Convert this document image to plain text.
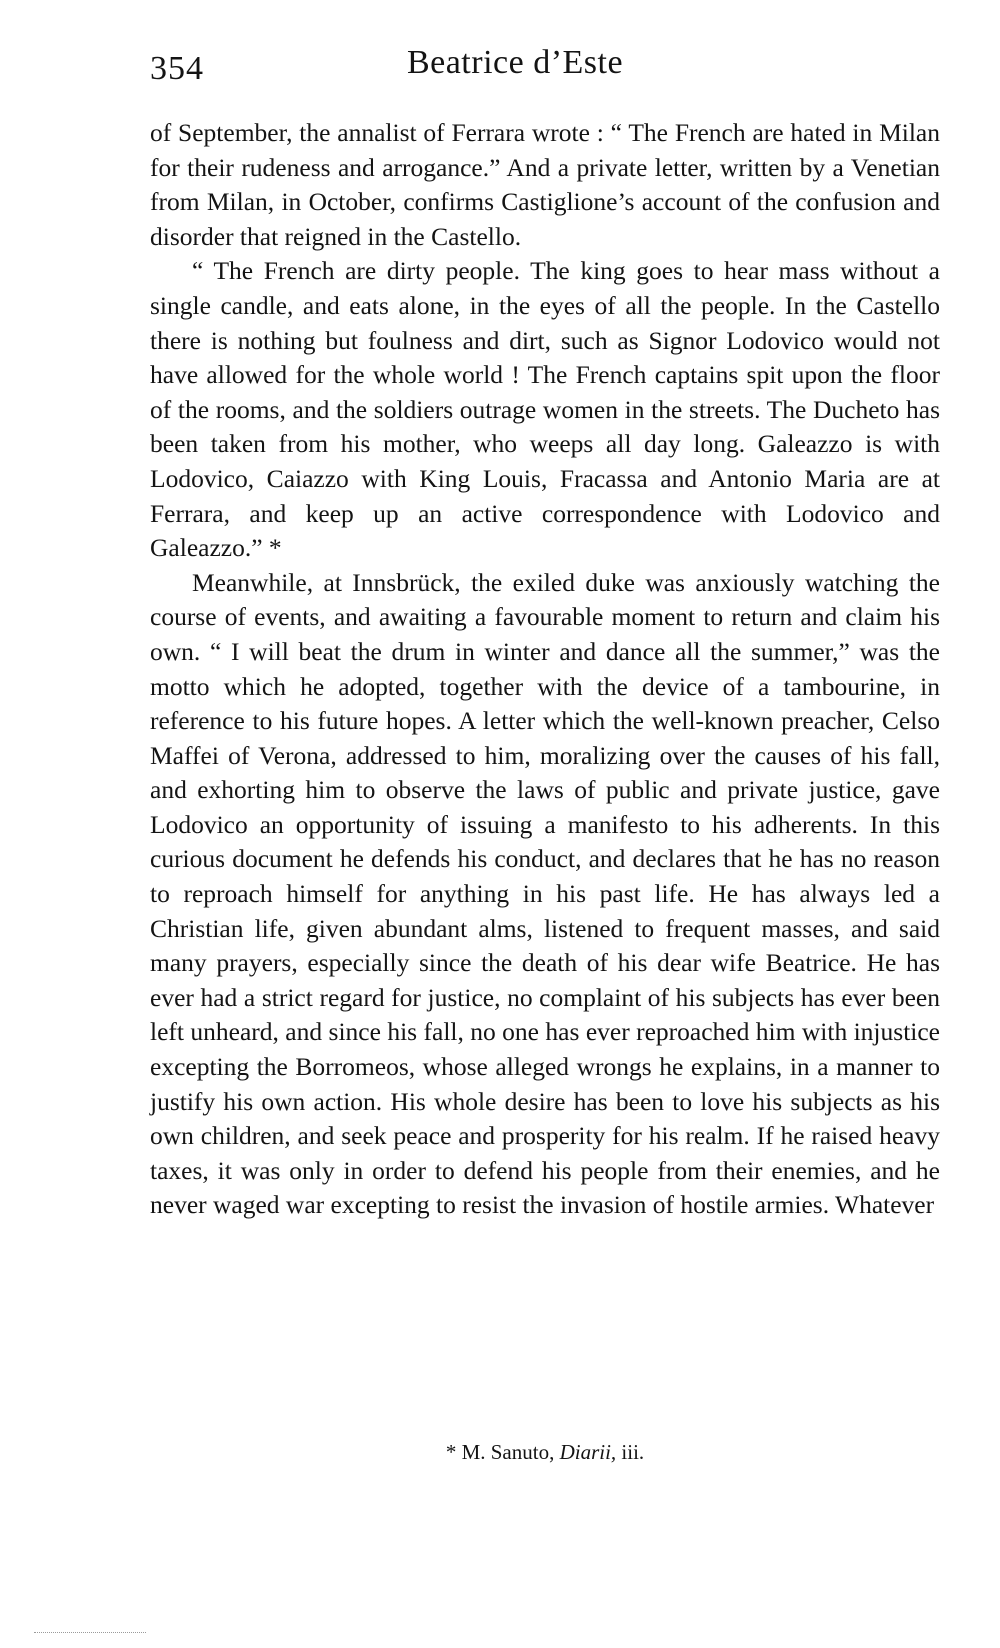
354	Beatrice d’Este

of September, the annalist of Ferrara wrote : “ The French are hated in Milan for their rudeness and arrogance.” And a private letter, written by a Venetian from Milan, in October, confirms Castiglione’s account of the confusion and disorder that reigned in the Castello.

“ The French are dirty people. The king goes to hear mass without a single candle, and eats alone, in the eyes of all the people. In the Castello there is nothing but foulness and dirt, such as Signor Lodovico would not have allowed for the whole world ! The French captains spit upon the floor of the rooms, and the soldiers outrage women in the streets. The Ducheto has been taken from his mother, who weeps all day long. Galeazzo is with Lodovico, Caiazzo with King Louis, Fracassa and Antonio Maria are at Ferrara, and keep up an active correspondence with Lodovico and Galeazzo.” *

Meanwhile, at Innsbrück, the exiled duke was anxiously watching the course of events, and awaiting a favourable moment to return and claim his own. “ I will beat the drum in winter and dance all the summer,” was the motto which he adopted, together with the device of a tambourine, in reference to his future hopes. A letter which the well-known preacher, Celso Maffei of Verona, addressed to him, moralizing over the causes of his fall, and exhorting him to observe the laws of public and private justice, gave Lodovico an opportunity of issuing a manifesto to his adherents. In this curious document he defends his conduct, and declares that he has no reason to reproach himself for anything in his past life. He has always led a Christian life, given abundant alms, listened to frequent masses, and said many prayers, especially since the death of his dear wife Beatrice. He has ever had a strict regard for justice, no complaint of his subjects has ever been left unheard, and since his fall, no one has ever reproached him with injustice excepting the Borromeos, whose alleged wrongs he explains, in a manner to justify his own action. His whole desire has been to love his subjects as his own children, and seek peace and prosperity for his realm. If he raised heavy taxes, it was only in order to defend his people from their enemies, and he never waged war excepting to resist the invasion of hostile armies. Whatever

* M. Sanuto, Diarii, iii.
